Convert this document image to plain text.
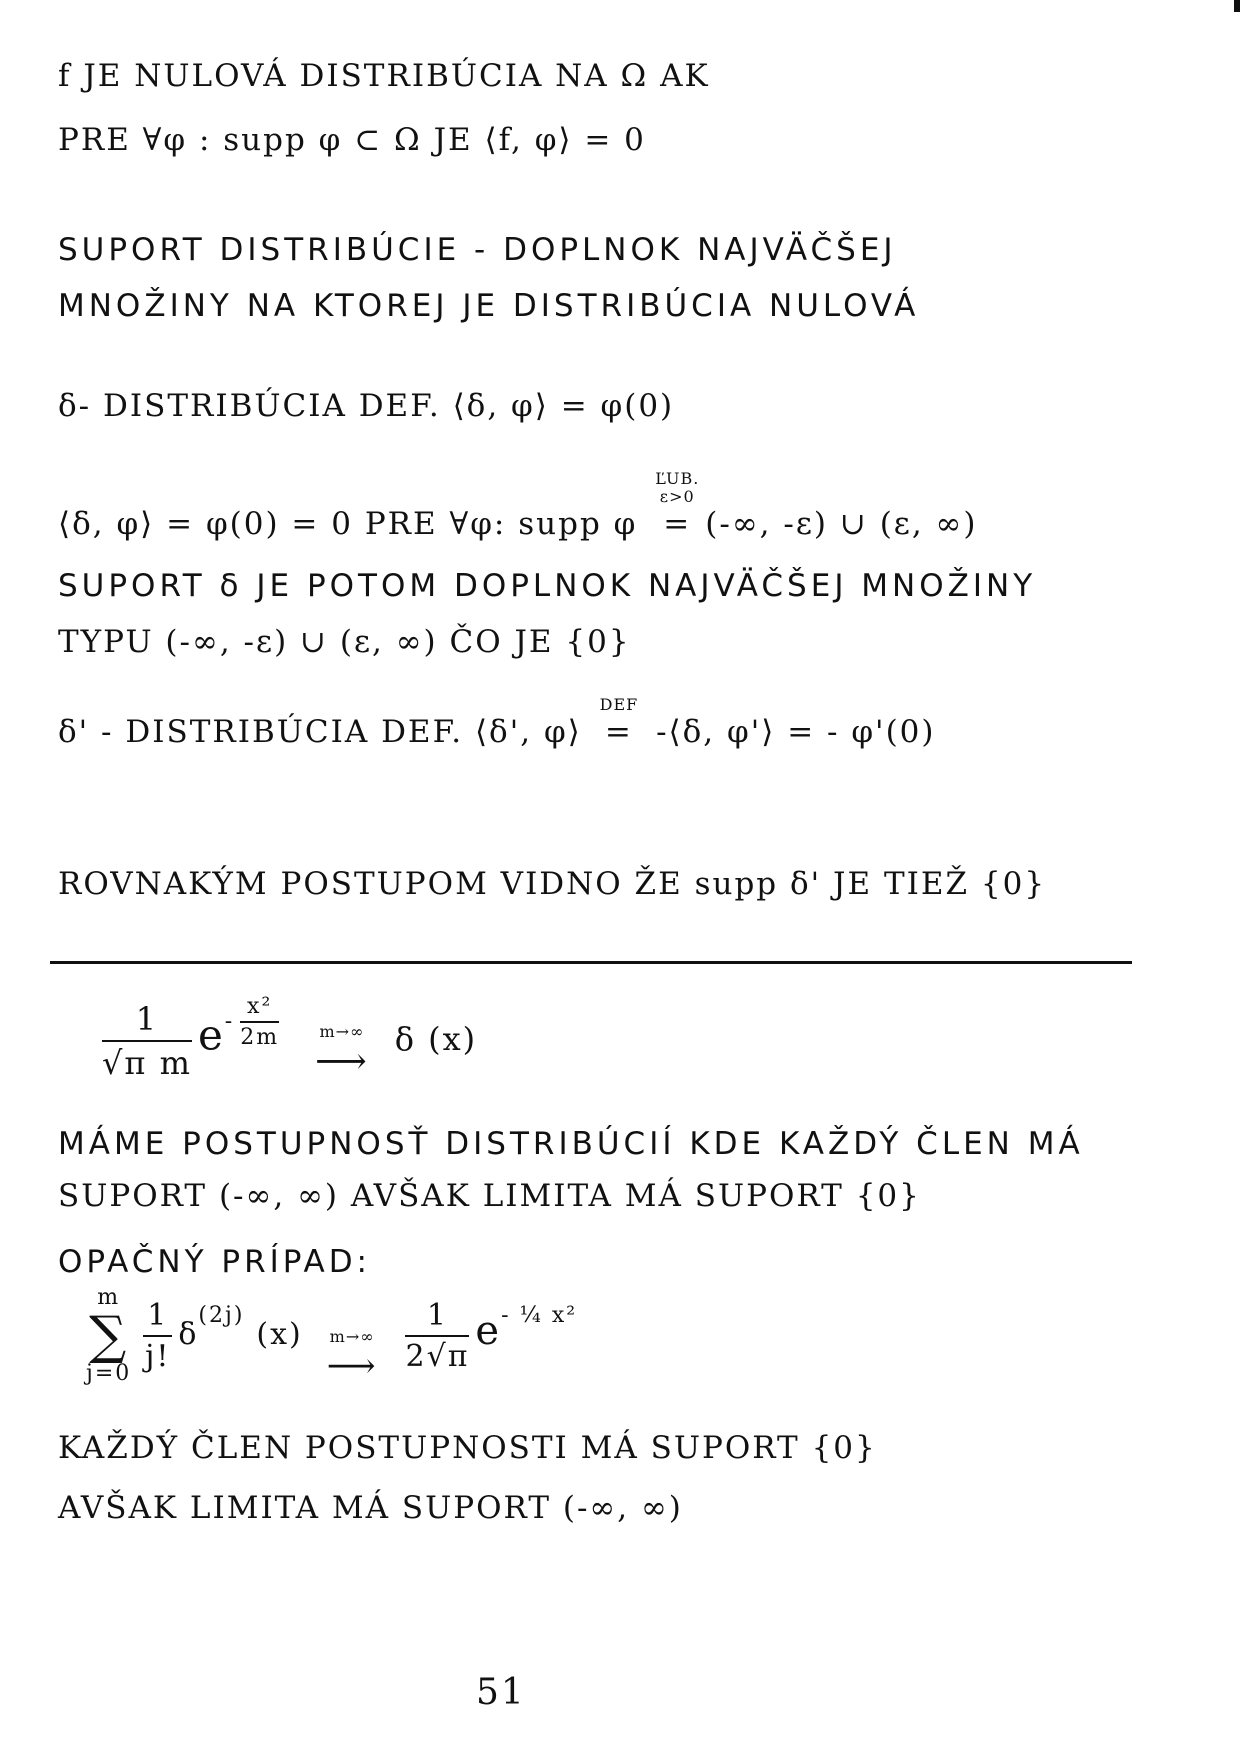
f JE NULOVÁ DISTRIBÚCIA NA Ω AK
PRE ∀φ : supp φ ⊂ Ω JE ⟨f, φ⟩ = 0
SUPORT DISTRIBÚCIE - DOPLNOK NAJVÄČŠEJ
MNOŽINY NA KTOREJ JE DISTRIBÚCIA NULOVÁ
δ- DISTRIBÚCIA DEF. ⟨δ, φ⟩ = φ(0)
⟨δ, φ⟩ = φ(0) = 0 PRE ∀φ: supp φ
ĽUB.
ε>0
= (-∞, -ε) ∪ (ε, ∞)
SUPORT δ JE POTOM DOPLNOK NAJVÄČŠEJ MNOŽINY
TYPU (-∞, -ε) ∪ (ε, ∞) ČO JE {0}
δ' - DISTRIBÚCIA DEF. ⟨δ', φ⟩
DEF
= -⟨δ, φ'⟩ = - φ'(0)
ROVNAKÝM POSTUPOM VIDNO ŽE supp δ' JE TIEŽ {0}
$\frac{1}{\text{√π m}} e^{- \frac{\text{x²}}{2m}}$	m→∞
⟶δ (x)
MÁME POSTUPNOSŤ DISTRIBÚCIÍ KDE KAŽDÝ ČLEN MÁ
SUPORT (-∞, ∞) AVŠAK LIMITA MÁ SUPORT {0}
OPAČNÝ PRÍPAD:
m
∑
$j=0 \frac{1}{j!} \delta^{(2j)}(x)$ m→∞
⟶ $\frac{1}{2√\pi} e^{- \frac{1}{4} x^2}$
KAŽDÝ ČLEN POSTUPNOSTI MÁ SUPORT {0}
AVŠAK LIMITA MÁ SUPORT (-∞, ∞)
51
